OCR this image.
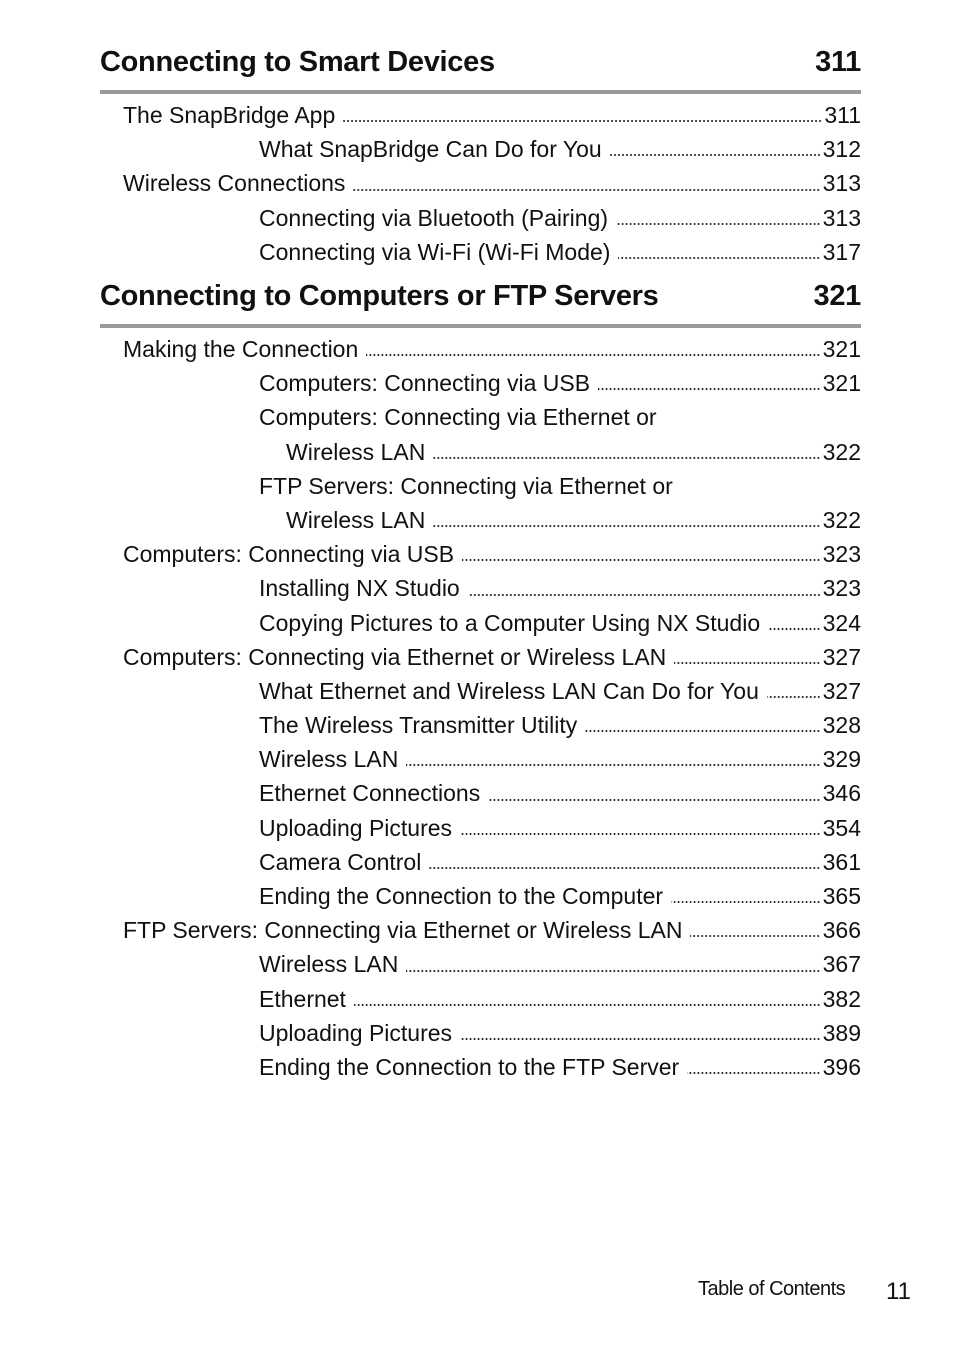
Connecting to Smart Devices	311
The SnapBridge App	311
What SnapBridge Can Do for You	312
Wireless Connections	313
Connecting via Bluetooth (Pairing)	313
Connecting via Wi-Fi (Wi-Fi Mode)	317
Connecting to Computers or FTP Servers	321
Making the Connection	321
Computers: Connecting via USB	321
Computers: Connecting via Ethernet or
Wireless LAN	322
FTP Servers: Connecting via Ethernet or
Wireless LAN	322
Computers: Connecting via USB	323
Installing NX Studio	323
Copying Pictures to a Computer Using NX Studio	324
Computers: Connecting via Ethernet or Wireless LAN	327
What Ethernet and Wireless LAN Can Do for You	327
The Wireless Transmitter Utility	328
Wireless LAN	329
Ethernet Connections	346
Uploading Pictures	354
Camera Control	361
Ending the Connection to the Computer	365
FTP Servers: Connecting via Ethernet or Wireless LAN	366
Wireless LAN	367
Ethernet	382
Uploading Pictures	389
Ending the Connection to the FTP Server	396
Table of Contents 11
